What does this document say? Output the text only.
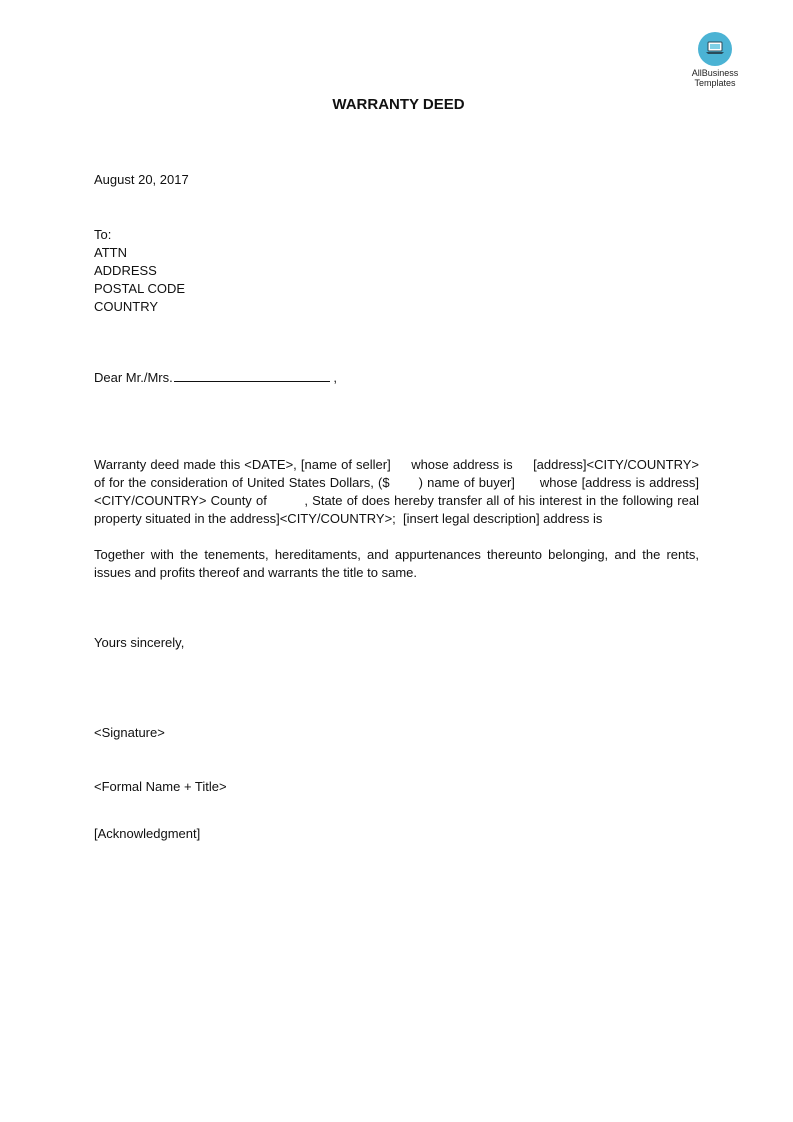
AllBusiness
Templates
WARRANTY DEED
August 20, 2017
To:
ATTN
ADDRESS
POSTAL CODE
COUNTRY
Dear Mr./Mrs.	,
Warranty deed made this <DATE>, [name of seller]     whose address is     [address]<CITY/COUNTRY> of for the consideration of United States Dollars, ($       ) name of buyer]      whose [address is address] <CITY/COUNTRY> County of         , State of does hereby transfer all of his interest in the following real property situated in the address]<CITY/COUNTRY>;  [insert legal description] address is
Together with the tenements, hereditaments, and appurtenances thereunto belonging, and the rents, issues and profits thereof and warrants the title to same.
Yours sincerely,
<Signature>
<Formal Name + Title>
[Acknowledgment]
